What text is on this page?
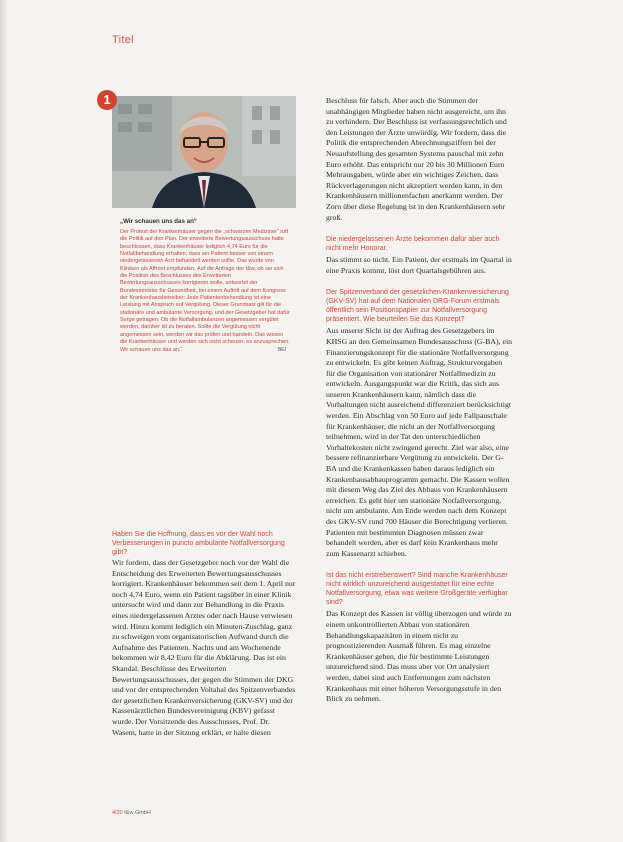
Titel
1
„Wir schauen uns das an“
Der Protest der Krankenhäuser gegen die „schwarzen Mediziner“ ruft die Politik auf den Plan. Der erweiterte Bewertungsausschuss hatte beschlossen, dass Krankenhäuser lediglich 4,74 Euro für die Notfallbehandlung erhalten, dass ein Patient besser von einem niedergelassenen Arzt behandelt werden sollte. Das wurde von Kliniken als Affront empfunden. Auf die Anfrage der f&w, ob sie sich die Position des Beschlusses des Erweiterten Bewertungsausschusses korrigieren wolle, antwortet der Bundesminister für Gesundheit, bei einem Auftritt auf dem Kongress der Krankenhausbetreiber: Jede Patientenbehandlung ist eine Leistung mit Anspruch auf Vergütung. Dieser Grundsatz gilt für die stationäre und ambulante Versorgung, und der Gesetzgeber hat dafür Sorge getragen. Ob die Notfallambulanzen angemessen vergütet werden, darüber ist zu beraten. Sollte die Vergütung nicht angemessen sein, werden wir das prüfen und handeln. Das wissen die Krankenhäuser und werden sich nicht scheuen, es anzusprechen. Wir schauen uns das an.“	BEI
Haben Sie die Hoffnung, dass es vor der Wahl noch Verbesserungen in puncto ambulante Notfallversorgung gibt?

Wir fordern, dass der Gesetzgeber noch vor der Wahl die Entscheidung des Erweiterten Bewertungsausschusses korrigiert. Krankenhäuser bekommen seit dem 1. April nur noch 4,74 Euro, wenn ein Patient tagsüber in einer Klinik untersucht wird und dann zur Behandlung in die Praxis eines niedergelassenen Arztes oder nach Hause verwiesen wird. Hinzu kommt lediglich ein Minuten-Zuschlag, ganz zu schweigen vom organisatorischen Aufwand durch die Aufnahme des Patienten. Nachts und am Wochenende bekommen wir 8,42 Euro für die Abklärung. Das ist ein Skandal. Beschlüsse des Erweiterten Bewertungsausschusses, der gegen die Stimmen der DKG und vor der entsprechenden Voltahal des Spitzenverbandes der gesetzlichen Krankenversicherung (GKV-SV) und der Kassenärztlichen Bundesvereinigung (KBV) gefasst wurde. Der Vorsitzende des Ausschusses, Prof. Dr. Wasem, hatte in der Sitzung erklärt, er halte diesen

Beschluss für falsch. Aber auch die Stimmen der unabhängigen Mitglieder haben nicht ausgereicht, um ihn zu verhindern. Der Beschluss ist verfassungsrechtlich und den Leistungen der Ärzte unwürdig. Wir fordern, dass die Politik die entsprechenden Abrechnungsziffern bei der Neuaufstellung des gesamten Systems pauschal mit zehn Euro erhöht. Das entspricht nur 20 bis 30 Millionen Euro Mehrausgaben, würde aber ein wichtiges Zeichen, dass Rückverlagerungen nicht akzeptiert werden kann, in den Krankenhäusern millionenfachen anerkannt werden. Der Zorn über diese Regelung ist in den Krankenhäusern sehr groß.

Die niedergelassenen Ärzte bekommen dafür aber auch nicht mehr Honorar.

Das stimmt so nicht. Ein Patient, der erstmals im Quartal in eine Praxis kommt, löst dort Quartalsgebühren aus.

Der Spitzenverband der gesetzlichen Krankenversicherung (GKV-SV) hat auf dem Nationalen DRG-Forum erstmals öffentlich sein Positionspapier zur Notfallversorgung präsentiert. Wie beurteilen Sie das Konzept?

Aus unserer Sicht ist der Auftrag des Gesetzgebers im KHSG an den Gemeinsamen Bundesausschuss (G-BA), ein Finanzierungskonzept für die stationäre Notfallversorgung zu entwickeln. Es gibt keinen Auftrag, Strukturvorgaben für die Organisation von stationärer Notfallmedizin zu entwickeln. Ausgangspunkt war die Kritik, das sich aus unseren Krankenhäusern kann, nämlich dass die Vorhaltungen nicht ausreichend differenziert berücksichtigt werden. Ein Abschlag von 50 Euro auf jede Fallpauschale für Krankenhäuser, die nicht an der Notfallversorgung teilnehmen, wird in der Tat den unterschiedlichen Vorhaltekosten nicht zwingend gerecht. Ziel war also, eine bessere refinanzierbare Vergütung zu entwickeln. Der G-BA und die Krankenkassen haben daraus lediglich ein Krankenhausabbauprogramm gemacht. Die Kassen wollen mit diesem Weg das Ziel des Abbaus von Krankenhäusern erreichen. Es geht hier um stationäre Notfallversorgung, nicht um ambulante. Am Ende werden nach dem Konzept des GKV-SV rund 700 Häuser die Berechtigung verlieren. Patienten mit bestimmten Diagnosen müssen zwar behandelt werden, aber es darf kein Krankenhaus mehr zum Kassenarzt schieben.

Ist das nicht erstrebenswert? Sind manche Krankenhäuser nicht wirklich unzureichend ausgestattet für eine echte Notfallversorgung, etwa was weitere Großgeräte verfügbar sind?

Das Konzept des Kassen ist völlig überzogen und würde zu einem unkontrollierten Abbau von stationären Behandlungskapazitäten in einem nicht zu prognostizierenden Ausmaß führen. Es mag einzelne Krankenhäuser geben, die für bestimmte Leistungen unzureichend sind. Das muss aber vor Ort analysiert werden, dabei sind auch Entfernungen zum nächsten Krankenhaus mit einer höheren Versorgungsstufe in den Blick zu nehmen.

4/20 f&w GmbH
